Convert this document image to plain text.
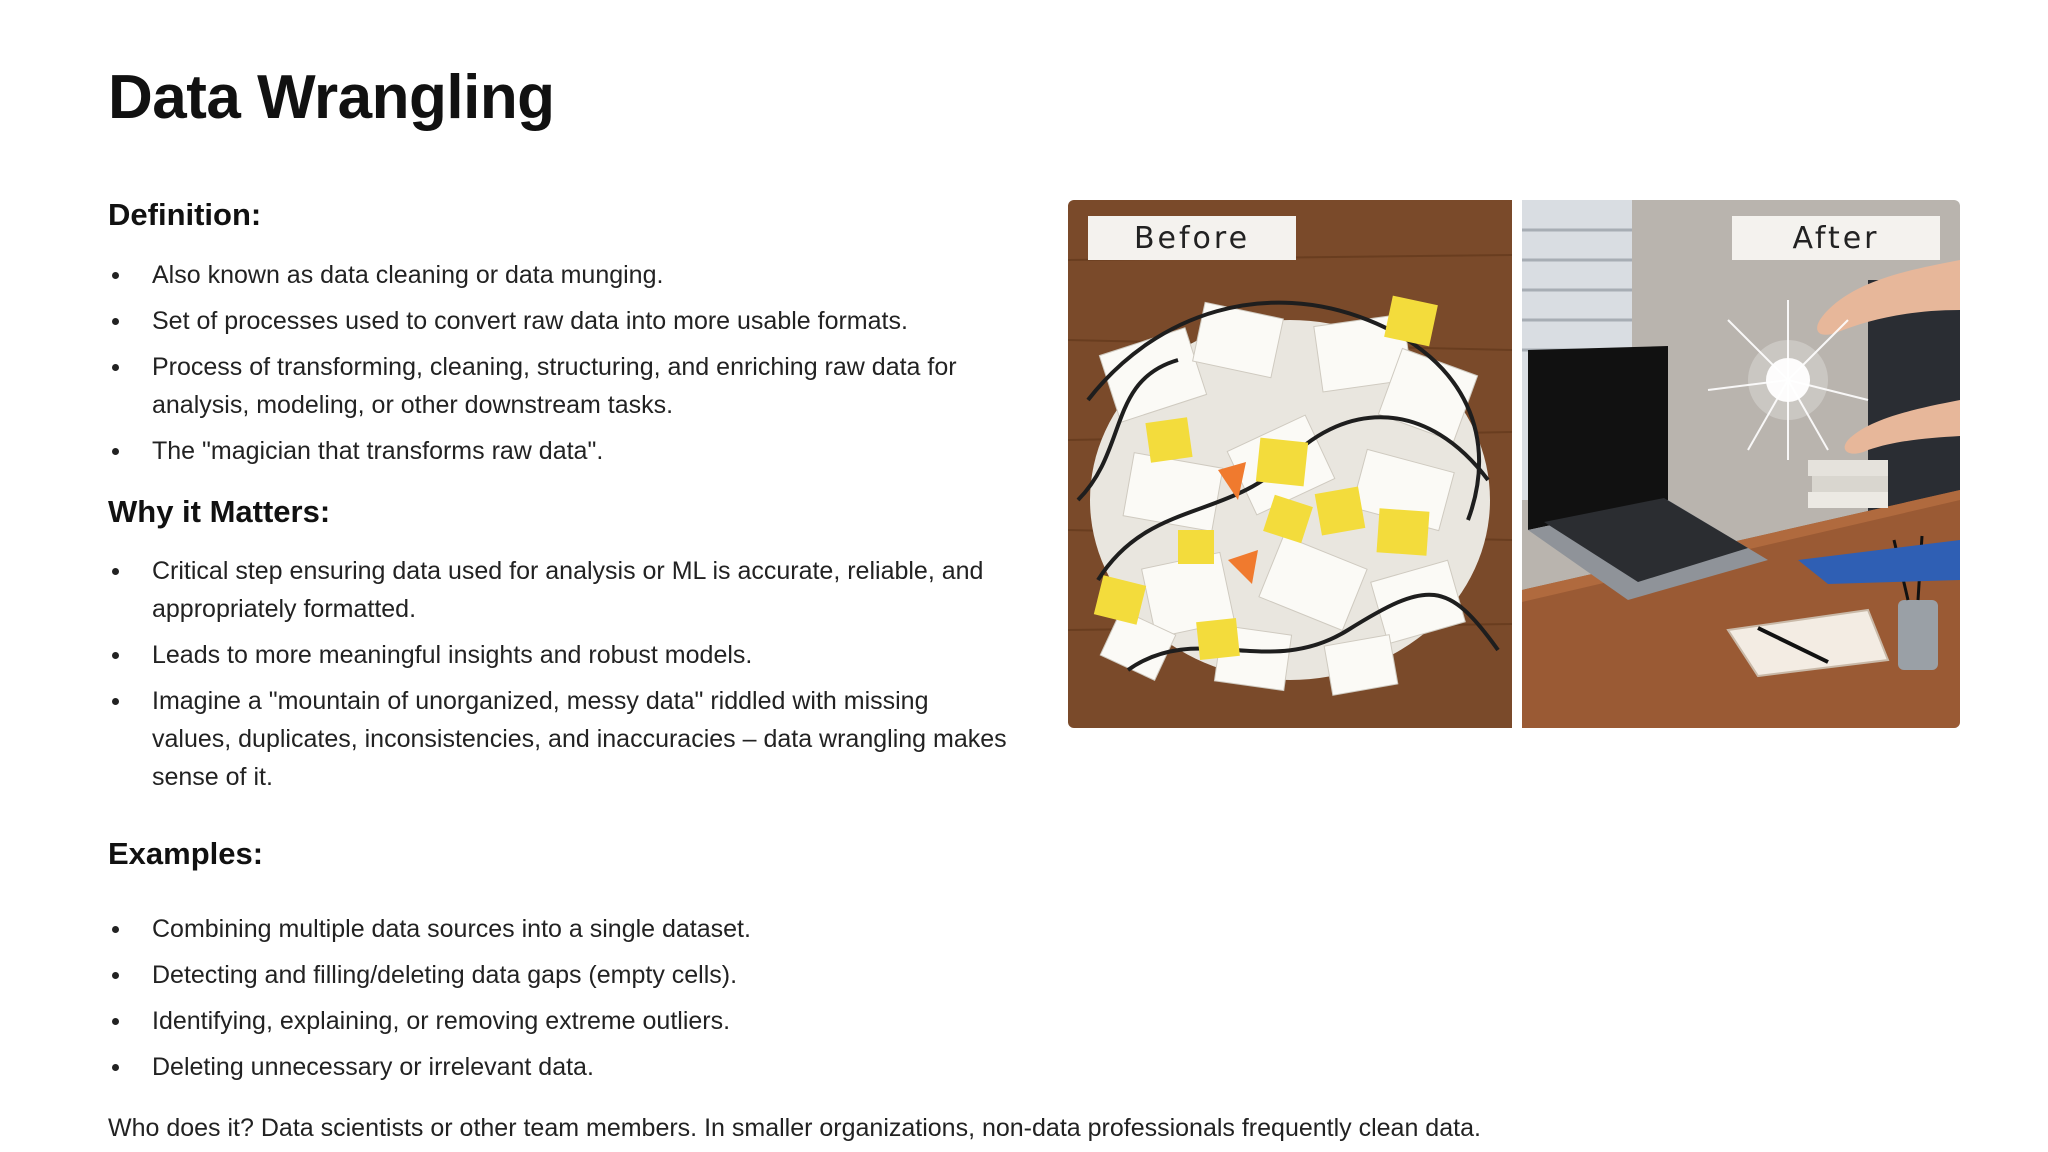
Data Wrangling
Definition:
Also known as data cleaning or data munging.
Set of processes used to convert raw data into more usable formats.
Process of transforming, cleaning, structuring, and enriching raw data for analysis, modeling, or other downstream tasks.
The "magician that transforms raw data".
Why it Matters:
Critical step ensuring data used for analysis or ML is accurate, reliable, and appropriately formatted.
Leads to more meaningful insights and robust models.
Imagine a "mountain of unorganized, messy data" riddled with missing values, duplicates, inconsistencies, and inaccuracies – data wrangling makes sense of it.
Examples:
Combining multiple data sources into a single dataset.
Detecting and filling/deleting data gaps (empty cells).
Identifying, explaining, or removing extreme outliers.
Deleting unnecessary or irrelevant data.

Who does it? Data scientists or other team members. In smaller organizations, non-data professionals frequently clean data.

Before	After
